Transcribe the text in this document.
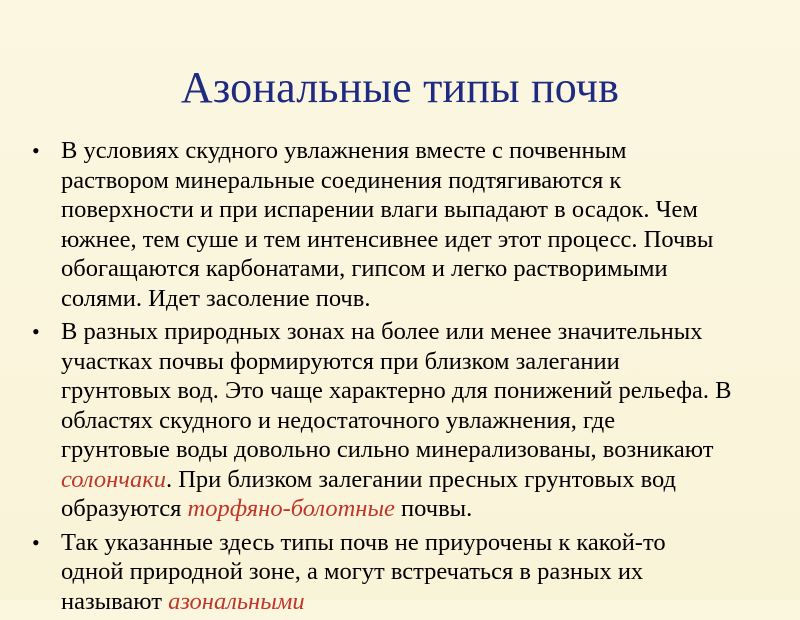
Азональные типы почв
• В условиях скудного увлажнения вместе с почвенным
раствором минеральные соединения подтягиваются к
поверхности и при испарении влаги выпадают в осадок. Чем
южнее, тем суше и тем интенсивнее идет этот процесс. Почвы
обогащаются карбонатами, гипсом и легко растворимыми
солями. Идет засоление почв.
• В разных природных зонах на более или менее значительных
участках почвы формируются при близком залегании
грунтовых вод. Это чаще характерно для понижений рельефа. В
областях скудного и недостаточного увлажнения, где
грунтовые воды довольно сильно минерализованы, возникают
солончаки. При близком залегании пресных грунтовых вод
образуются торфяно-болотные почвы.
• Так указанные здесь типы почв не приурочены к какой-то
одной природной зоне, а могут встречаться в разных их
называют азональными
